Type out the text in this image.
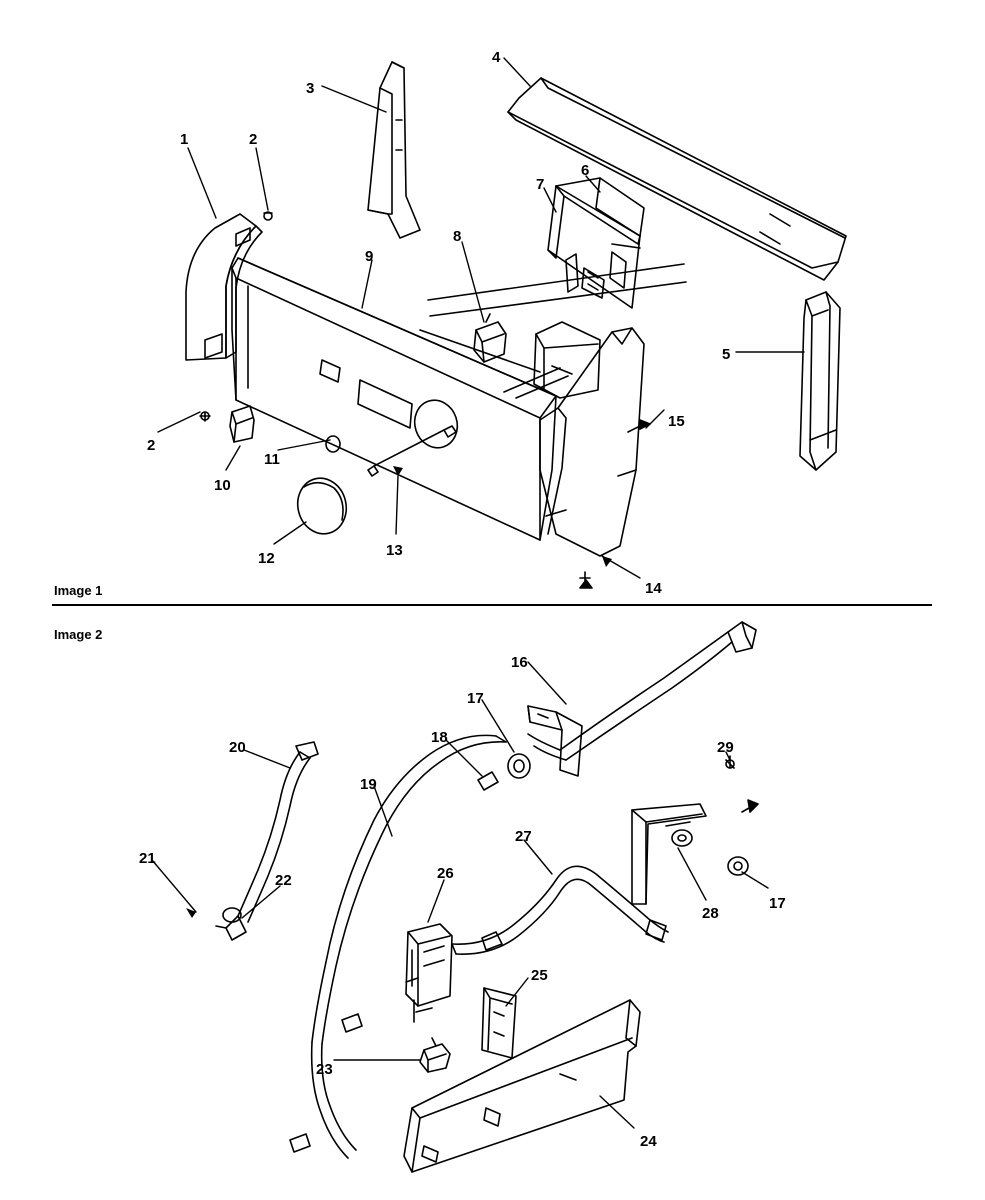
Image 1
Image 2
1	2
3
4
2
5
6
7
8
9
10
11
12	13
14
15
16
17
18
19
20
21
22
23
24
25
26
27
28
29
17
